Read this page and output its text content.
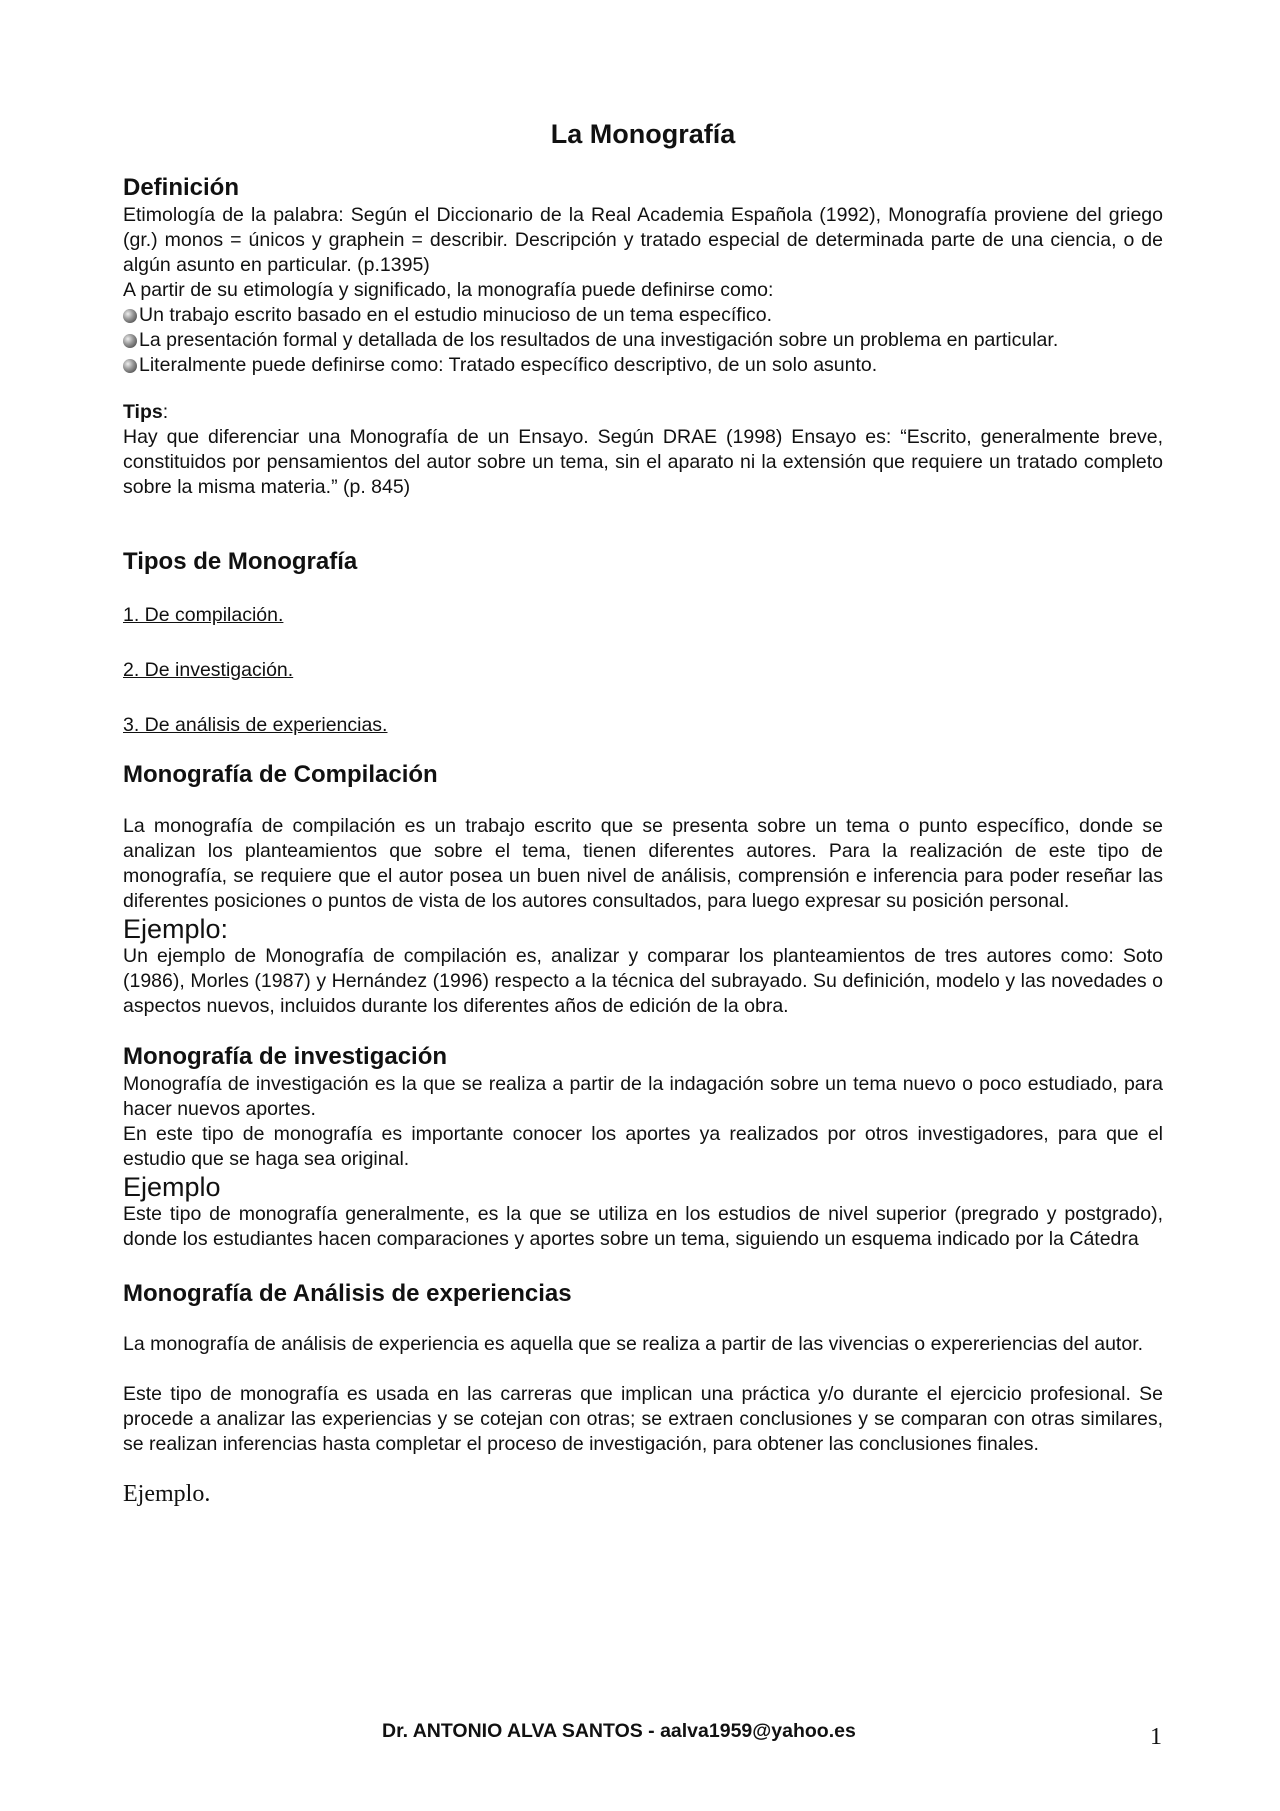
La Monografía
Definición

Etimología de la palabra: Según el Diccionario de la Real Academia Española (1992), Monografía proviene del griego (gr.) monos = únicos y graphein = describir. Descripción y tratado especial de determinada parte de una ciencia, o de algún asunto en particular. (p.1395)

A partir de su etimología y significado, la monografía puede definirse como:

Un trabajo escrito basado en el estudio minucioso de un tema específico.
La presentación formal y detallada de los resultados de una investigación sobre un problema en particular.
Literalmente puede definirse como: Tratado específico descriptivo, de un solo asunto.

Tips:

Hay que diferenciar una Monografía de un Ensayo. Según DRAE (1998) Ensayo es: “Escrito, generalmente breve, constituidos por pensamientos del autor sobre un tema, sin el aparato ni la extensión que requiere un tratado completo sobre la misma materia.” (p. 845)

Tipos de Monografía
1. De compilación.
2. De investigación.
3. De análisis de experiencias.
Monografía de Compilación

La monografía de compilación es un trabajo escrito que se presenta sobre un tema o punto específico, donde se analizan los planteamientos que sobre el tema, tienen diferentes autores. Para la realización de este tipo de monografía, se requiere que el autor posea un buen nivel de análisis, comprensión e inferencia para poder reseñar las diferentes posiciones o puntos de vista de los autores consultados, para luego expresar su posición personal.

Ejemplo:

Un ejemplo de Monografía de compilación es, analizar y comparar los planteamientos de tres autores como: Soto (1986), Morles (1987) y Hernández (1996) respecto a la técnica del subrayado. Su definición, modelo y las novedades o aspectos nuevos, incluidos durante los diferentes años de edición de la obra.

Monografía de investigación

Monografía de investigación es la que se realiza a partir de la indagación sobre un tema nuevo o poco estudiado, para hacer nuevos aportes.

En este tipo de monografía es importante conocer los aportes ya realizados por otros investigadores, para que el estudio que se haga sea original.

Ejemplo

Este tipo de monografía generalmente, es la que se utiliza en los estudios de nivel superior (pregrado y postgrado), donde los estudiantes hacen comparaciones y aportes sobre un tema, siguiendo un esquema indicado por la Cátedra

Monografía de Análisis de experiencias

La monografía de análisis de experiencia es aquella que se realiza a partir de las vivencias o expereriencias del autor.

Este tipo de monografía es usada en las carreras que implican una práctica y/o durante el ejercicio profesional. Se procede a analizar las experiencias y se cotejan con otras; se extraen conclusiones y se comparan con otras similares, se realizan inferencias hasta completar el proceso de investigación, para obtener las conclusiones finales.

Ejemplo.
Dr. ANTONIO ALVA SANTOS - aalva1959@yahoo.es	1
